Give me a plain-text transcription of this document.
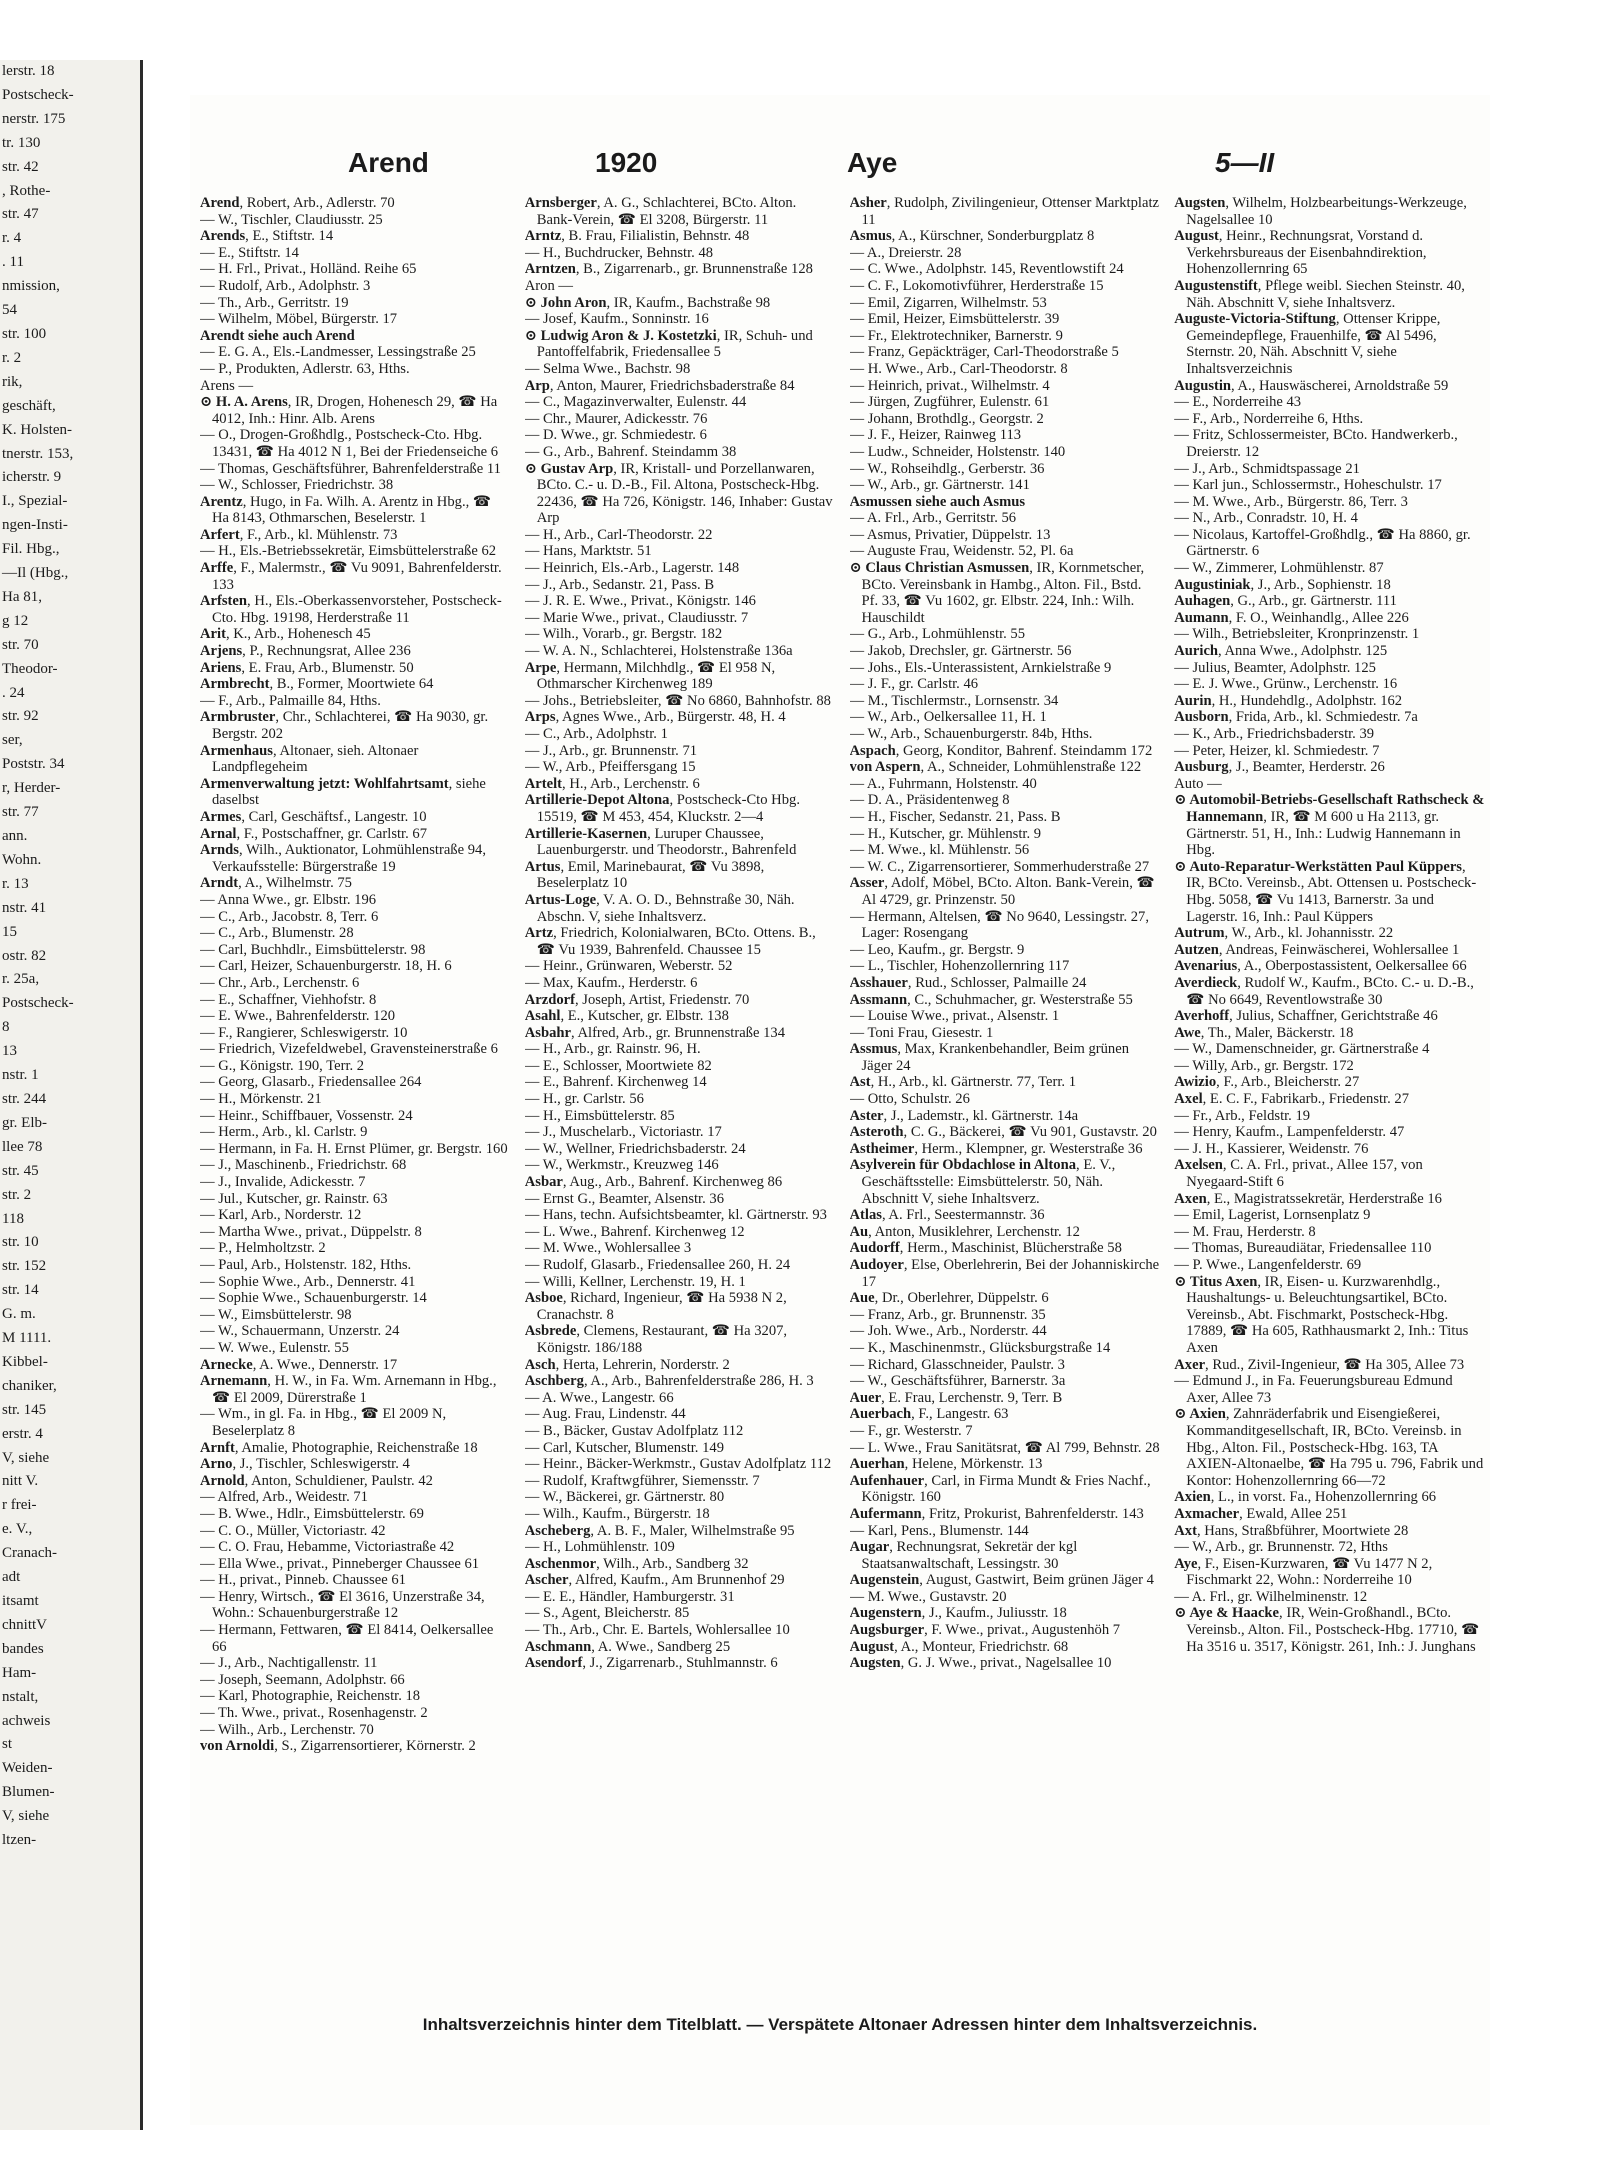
lerstr. 18
Postscheck-
nerstr. 175
tr. 130
str. 42
, Rothe-
str. 47
r. 4
. 11
nmission,
54
str. 100
r. 2
rik,
geschäft,
K. Holsten-
tnerstr. 153,
icherstr. 9
I., Spezial-
ngen-Insti-
Fil. Hbg.,
—Il (Hbg.,
Ha 81,
g 12
str. 70
Theodor-
. 24
str. 92
ser,
Poststr. 34
r, Herder-
str. 77
ann.
Wohn.
r. 13
nstr. 41
15
ostr. 82
r. 25a,
Postscheck-
8
13
nstr. 1
str. 244
gr. Elb-
llee 78
str. 45
str. 2
118
str. 10
str. 152
str. 14
G. m.
M 1111.
Kibbel-
chaniker,
str. 145
erstr. 4
V, siehe
nitt V.
r frei-
e. V.,
Cranach-
adt
itsamt
chnittV
bandes
Ham-
nstalt,
achweis
st
Weiden-
Blumen-
V, siehe
ltzen-
Arend	1920	Aye	5—II

Arend, Robert, Arb., Adlerstr. 70

— W., Tischler, Claudiusstr. 25

Arends, E., Stiftstr. 14

— E., Stiftstr. 14

— H. Frl., Privat., Holländ. Reihe 65

— Rudolf, Arb., Adolphstr. 3

— Th., Arb., Gerritstr. 19

— Wilhelm, Möbel, Bürgerstr. 17

Arendt siehe auch Arend

— E. G. A., Els.-Landmesser, Lessingstraße 25

— P., Produkten, Adlerstr. 63, Hths.

Arens —

⊙ H. A. Arens, IR, Drogen, Hohenesch 29, ☎ Ha 4012, Inh.: Hinr. Alb. Arens

— O., Drogen-Großhdlg., Postscheck-Cto. Hbg. 13431, ☎ Ha 4012 N 1, Bei der Friedenseiche 6

— Thomas, Geschäftsführer, Bahrenfelderstraße 11

— W., Schlosser, Friedrichstr. 38

Arentz, Hugo, in Fa. Wilh. A. Arentz in Hbg., ☎ Ha 8143, Othmarschen, Beselerstr. 1

Arfert, F., Arb., kl. Mühlenstr. 73

— H., Els.-Betriebssekretär, Eimsbüttelerstraße 62

Arffe, F., Malermstr., ☎ Vu 9091, Bahrenfelderstr. 133

Arfsten, H., Els.-Oberkassenvorsteher, Postscheck-Cto. Hbg. 19198, Herderstraße 11

Arit, K., Arb., Hohenesch 45

Arjens, P., Rechnungsrat, Allee 236

Ariens, E. Frau, Arb., Blumenstr. 50

Armbrecht, B., Former, Moortwiete 64

— F., Arb., Palmaille 84, Hths.

Armbruster, Chr., Schlachterei, ☎ Ha 9030, gr. Bergstr. 202

Armenhaus, Altonaer, sieh. Altonaer Landpflegeheim

Armenverwaltung jetzt: Wohlfahrtsamt, siehe daselbst

Armes, Carl, Geschäftsf., Langestr. 10

Arnal, F., Postschaffner, gr. Carlstr. 67

Arnds, Wilh., Auktionator, Lohmühlenstraße 94, Verkaufsstelle: Bürgerstraße 19

Arndt, A., Wilhelmstr. 75

— Anna Wwe., gr. Elbstr. 196

— C., Arb., Jacobstr. 8, Terr. 6

— C., Arb., Blumenstr. 28

— Carl, Buchhdlr., Eimsbüttelerstr. 98

— Carl, Heizer, Schauenburgerstr. 18, H. 6

— Chr., Arb., Lerchenstr. 6

— E., Schaffner, Viehhofstr. 8

— E. Wwe., Bahrenfelderstr. 120

— F., Rangierer, Schleswigerstr. 10

— Friedrich, Vizefeldwebel, Gravensteinerstraße 6

— G., Königstr. 190, Terr. 2

— Georg, Glasarb., Friedensallee 264

— H., Mörkenstr. 21

— Heinr., Schiffbauer, Vossenstr. 24

— Herm., Arb., kl. Carlstr. 9

— Hermann, in Fa. H. Ernst Plümer, gr. Bergstr. 160

— J., Maschinenb., Friedrichstr. 68

— J., Invalide, Adickesstr. 7

— Jul., Kutscher, gr. Rainstr. 63

— Karl, Arb., Norderstr. 12

— Martha Wwe., privat., Düppelstr. 8

— P., Helmholtzstr. 2

— Paul, Arb., Holstenstr. 182, Hths.

— Sophie Wwe., Arb., Dennerstr. 41

— Sophie Wwe., Schauenburgerstr. 14

— W., Eimsbüttelerstr. 98

— W., Schauermann, Unzerstr. 24

— W. Wwe., Eulenstr. 55

Arnecke, A. Wwe., Dennerstr. 17

Arnemann, H. W., in Fa. Wm. Arnemann in Hbg., ☎ El 2009, Dürerstraße 1

— Wm., in gl. Fa. in Hbg., ☎ El 2009 N, Beselerplatz 8

Arnft, Amalie, Photographie, Reichenstraße 18

Arno, J., Tischler, Schleswigerstr. 4

Arnold, Anton, Schuldiener, Paulstr. 42

— Alfred, Arb., Weidestr. 71

— B. Wwe., Hdlr., Eimsbüttelerstr. 69

— C. O., Müller, Victoriastr. 42

— C. O. Frau, Hebamme, Victoriastraße 42

— Ella Wwe., privat., Pinneberger Chaussee 61

— H., privat., Pinneb. Chaussee 61

— Henry, Wirtsch., ☎ El 3616, Unzerstraße 34, Wohn.: Schauenburgerstraße 12

— Hermann, Fettwaren, ☎ El 8414, Oelkersallee 66

— J., Arb., Nachtigallenstr. 11

— Joseph, Seemann, Adolphstr. 66

— Karl, Photographie, Reichenstr. 18

— Th. Wwe., privat., Rosenhagenstr. 2

— Wilh., Arb., Lerchenstr. 70

von Arnoldi, S., Zigarrensortierer, Körnerstr. 2

Arnsberger, A. G., Schlachterei, BCto. Alton. Bank-Verein, ☎ El 3208, Bürgerstr. 11

Arntz, B. Frau, Filialistin, Behnstr. 48

— H., Buchdrucker, Behnstr. 48

Arntzen, B., Zigarrenarb., gr. Brunnenstraße 128

Aron —

⊙ John Aron, IR, Kaufm., Bachstraße 98

— Josef, Kaufm., Sonninstr. 16

⊙ Ludwig Aron & J. Kostetzki, IR, Schuh- und Pantoffelfabrik, Friedensallee 5

— Selma Wwe., Bachstr. 98

Arp, Anton, Maurer, Friedrichsbaderstraße 84

— C., Magazinverwalter, Eulenstr. 44

— Chr., Maurer, Adickesstr. 76

— D. Wwe., gr. Schmiedestr. 6

— G., Arb., Bahrenf. Steindamm 38

⊙ Gustav Arp, IR, Kristall- und Porzellanwaren, BCto. C.- u. D.-B., Fil. Altona, Postscheck-Hbg. 22436, ☎ Ha 726, Königstr. 146, Inhaber: Gustav Arp

— H., Arb., Carl-Theodorstr. 22

— Hans, Marktstr. 51

— Heinrich, Els.-Arb., Lagerstr. 148

— J., Arb., Sedanstr. 21, Pass. B

— J. R. E. Wwe., Privat., Königstr. 146

— Marie Wwe., privat., Claudiusstr. 7

— Wilh., Vorarb., gr. Bergstr. 182

— W. A. N., Schlachterei, Holstenstraße 136a

Arpe, Hermann, Milchhdlg., ☎ El 958 N, Othmarscher Kirchenweg 189

— Johs., Betriebsleiter, ☎ No 6860, Bahnhofstr. 88

Arps, Agnes Wwe., Arb., Bürgerstr. 48, H. 4

— C., Arb., Adolphstr. 1

— J., Arb., gr. Brunnenstr. 71

— W., Arb., Pfeiffersgang 15

Artelt, H., Arb., Lerchenstr. 6

Artillerie-Depot Altona, Postscheck-Cto Hbg. 15519, ☎ M 453, 454, Kluckstr. 2—4

Artillerie-Kasernen, Luruper Chaussee, Lauenburgerstr. und Theodorstr., Bahrenfeld

Artus, Emil, Marinebaurat, ☎ Vu 3898, Beselerplatz 10

Artus-Loge, V. A. O. D., Behnstraße 30, Näh. Abschn. V, siehe Inhaltsverz.

Artz, Friedrich, Kolonialwaren, BCto. Ottens. B., ☎ Vu 1939, Bahrenfeld. Chaussee 15

— Heinr., Grünwaren, Weberstr. 52

— Max, Kaufm., Herderstr. 6

Arzdorf, Joseph, Artist, Friedenstr. 70

Asahl, E., Kutscher, gr. Elbstr. 138

Asbahr, Alfred, Arb., gr. Brunnenstraße 134

— H., Arb., gr. Rainstr. 96, H.

— E., Schlosser, Moortwiete 82

— E., Bahrenf. Kirchenweg 14

— H., gr. Carlstr. 56

— H., Eimsbüttelerstr. 85

— J., Muschelarb., Victoriastr. 17

— W., Wellner, Friedrichsbaderstr. 24

— W., Werkmstr., Kreuzweg 146

Asbar, Aug., Arb., Bahrenf. Kirchenweg 86

— Ernst G., Beamter, Alsenstr. 36

— Hans, techn. Aufsichtsbeamter, kl. Gärtnerstr. 93

— L. Wwe., Bahrenf. Kirchenweg 12

— M. Wwe., Wohlersallee 3

— Rudolf, Glasarb., Friedensallee 260, H. 24

— Willi, Kellner, Lerchenstr. 19, H. 1

Asboe, Richard, Ingenieur, ☎ Ha 5938 N 2, Cranachstr. 8

Asbrede, Clemens, Restaurant, ☎ Ha 3207, Königstr. 186/188

Asch, Herta, Lehrerin, Norderstr. 2

Aschberg, A., Arb., Bahrenfelderstraße 286, H. 3

— A. Wwe., Langestr. 66

— Aug. Frau, Lindenstr. 44

— B., Bäcker, Gustav Adolfplatz 112

— Carl, Kutscher, Blumenstr. 149

— Heinr., Bäcker-Werkmstr., Gustav Adolfplatz 112

— Rudolf, Kraftwgführer, Siemensstr. 7

— W., Bäckerei, gr. Gärtnerstr. 80

— Wilh., Kaufm., Bürgerstr. 18

Ascheberg, A. B. F., Maler, Wilhelmstraße 95

— H., Lohmühlenstr. 109

Aschenmor, Wilh., Arb., Sandberg 32

Ascher, Alfred, Kaufm., Am Brunnenhof 29

— E. E., Händler, Hamburgerstr. 31

— S., Agent, Bleicherstr. 85

— Th., Arb., Chr. E. Bartels, Wohlersallee 10

Aschmann, A. Wwe., Sandberg 25

Asendorf, J., Zigarrenarb., Stuhlmannstr. 6

Asher, Rudolph, Zivilingenieur, Ottenser Marktplatz 11

Asmus, A., Kürschner, Sonderburgplatz 8

— A., Dreierstr. 28

— C. Wwe., Adolphstr. 145, Reventlowstift 24

— C. F., Lokomotivführer, Herderstraße 15

— Emil, Zigarren, Wilhelmstr. 53

— Emil, Heizer, Eimsbüttelerstr. 39

— Fr., Elektrotechniker, Barnerstr. 9

— Franz, Gepäckträger, Carl-Theodorstraße 5

— H. Wwe., Arb., Carl-Theodorstr. 8

— Heinrich, privat., Wilhelmstr. 4

— Jürgen, Zugführer, Eulenstr. 61

— Johann, Brothdlg., Georgstr. 2

— J. F., Heizer, Rainweg 113

— Ludw., Schneider, Holstenstr. 140

— W., Rohseihdlg., Gerberstr. 36

— W., Arb., gr. Gärtnerstr. 141

Asmussen siehe auch Asmus

— A. Frl., Arb., Gerritstr. 56

— Asmus, Privatier, Düppelstr. 13

— Auguste Frau, Weidenstr. 52, Pl. 6a

⊙ Claus Christian Asmussen, IR, Kornmetscher, BCto. Vereinsbank in Hambg., Alton. Fil., Bstd. Pf. 33, ☎ Vu 1602, gr. Elbstr. 224, Inh.: Wilh. Hauschildt

— G., Arb., Lohmühlenstr. 55

— Jakob, Drechsler, gr. Gärtnerstr. 56

— Johs., Els.-Unterassistent, Arnkielstraße 9

— J. F., gr. Carlstr. 46

— M., Tischlermstr., Lornsenstr. 34

— W., Arb., Oelkersallee 11, H. 1

— W., Arb., Schauenburgerstr. 84b, Hths.

Aspach, Georg, Konditor, Bahrenf. Steindamm 172

von Aspern, A., Schneider, Lohmühlenstraße 122

— A., Fuhrmann, Holstenstr. 40

— D. A., Präsidentenweg 8

— H., Fischer, Sedanstr. 21, Pass. B

— H., Kutscher, gr. Mühlenstr. 9

— M. Wwe., kl. Mühlenstr. 56

— W. C., Zigarrensortierer, Sommerhuderstraße 27

Asser, Adolf, Möbel, BCto. Alton. Bank-Verein, ☎ Al 4729, gr. Prinzenstr. 50

— Hermann, Altelsen, ☎ No 9640, Lessingstr. 27, Lager: Rosengang

— Leo, Kaufm., gr. Bergstr. 9

— L., Tischler, Hohenzollernring 117

Asshauer, Rud., Schlosser, Palmaille 24

Assmann, C., Schuhmacher, gr. Westerstraße 55

— Louise Wwe., privat., Alsenstr. 1

— Toni Frau, Giesestr. 1

Assmus, Max, Krankenbehandler, Beim grünen Jäger 24

Ast, H., Arb., kl. Gärtnerstr. 77, Terr. 1

— Otto, Schulstr. 26

Aster, J., Lademstr., kl. Gärtnerstr. 14a

Asteroth, C. G., Bäckerei, ☎ Vu 901, Gustavstr. 20

Astheimer, Herm., Klempner, gr. Westerstraße 36

Asylverein für Obdachlose in Altona, E. V., Geschäftsstelle: Eimsbüttelerstr. 50, Näh. Abschnitt V, siehe Inhaltsverz.

Atlas, A. Frl., Seestermannstr. 36

Au, Anton, Musiklehrer, Lerchenstr. 12

Audorff, Herm., Maschinist, Blücherstraße 58

Audoyer, Else, Oberlehrerin, Bei der Johanniskirche 17

Aue, Dr., Oberlehrer, Düppelstr. 6

— Franz, Arb., gr. Brunnenstr. 35

— Joh. Wwe., Arb., Norderstr. 44

— K., Maschinenmstr., Glücksburgstraße 14

— Richard, Glasschneider, Paulstr. 3

— W., Geschäftsführer, Barnerstr. 3a

Auer, E. Frau, Lerchenstr. 9, Terr. B

Auerbach, F., Langestr. 63

— F., gr. Westerstr. 7

— L. Wwe., Frau Sanitätsrat, ☎ Al 799, Behnstr. 28

Auerhan, Helene, Mörkenstr. 13

Aufenhauer, Carl, in Firma Mundt & Fries Nachf., Königstr. 160

Aufermann, Fritz, Prokurist, Bahrenfelderstr. 143

— Karl, Pens., Blumenstr. 144

Augar, Rechnungsrat, Sekretär der kgl Staatsanwaltschaft, Lessingstr. 30

Augenstein, August, Gastwirt, Beim grünen Jäger 4

— M. Wwe., Gustavstr. 20

Augenstern, J., Kaufm., Juliusstr. 18

Augsburger, F. Wwe., privat., Augustenhöh 7

August, A., Monteur, Friedrichstr. 68

Augsten, G. J. Wwe., privat., Nagelsallee 10

Augsten, Wilhelm, Holzbearbeitungs-Werkzeuge, Nagelsallee 10

August, Heinr., Rechnungsrat, Vorstand d. Verkehrsbureaus der Eisenbahndirektion, Hohenzollernring 65

Augustenstift, Pflege weibl. Siechen Steinstr. 40, Näh. Abschnitt V, siehe Inhaltsverz.

Auguste-Victoria-Stiftung, Ottenser Krippe, Gemeindepflege, Frauenhilfe, ☎ Al 5496, Sternstr. 20, Näh. Abschnitt V, siehe Inhaltsverzeichnis

Augustin, A., Hauswäscherei, Arnoldstraße 59

— E., Norderreihe 43

— F., Arb., Norderreihe 6, Hths.

— Fritz, Schlossermeister, BCto. Handwerkerb., Dreierstr. 12

— J., Arb., Schmidtspassage 21

— Karl jun., Schlossermstr., Hoheschulstr. 17

— M. Wwe., Arb., Bürgerstr. 86, Terr. 3

— N., Arb., Conradstr. 10, H. 4

— Nicolaus, Kartoffel-Großhdlg., ☎ Ha 8860, gr. Gärtnerstr. 6

— W., Zimmerer, Lohmühlenstr. 87

Augustiniak, J., Arb., Sophienstr. 18

Auhagen, G., Arb., gr. Gärtnerstr. 111

Aumann, F. O., Weinhandlg., Allee 226

— Wilh., Betriebsleiter, Kronprinzenstr. 1

Aurich, Anna Wwe., Adolphstr. 125

— Julius, Beamter, Adolphstr. 125

— E. J. Wwe., Grünw., Lerchenstr. 16

Aurin, H., Hundehdlg., Adolphstr. 162

Ausborn, Frida, Arb., kl. Schmiedestr. 7a

— K., Arb., Friedrichsbaderstr. 39

— Peter, Heizer, kl. Schmiedestr. 7

Ausburg, J., Beamter, Herderstr. 26

Auto —

⊙ Automobil-Betriebs-Gesellschaft Rathscheck & Hannemann, IR, ☎ M 600 u Ha 2113, gr. Gärtnerstr. 51, H., Inh.: Ludwig Hannemann in Hbg.

⊙ Auto-Reparatur-Werkstätten Paul Küppers, IR, BCto. Vereinsb., Abt. Ottensen u. Postscheck-Hbg. 5058, ☎ Vu 1413, Barnerstr. 3a und Lagerstr. 16, Inh.: Paul Küppers

Autrum, W., Arb., kl. Johannisstr. 22

Autzen, Andreas, Feinwäscherei, Wohlersallee 1

Avenarius, A., Oberpostassistent, Oelkersallee 66

Averdieck, Rudolf W., Kaufm., BCto. C.- u. D.-B., ☎ No 6649, Reventlowstraße 30

Averhoff, Julius, Schaffner, Gerichtstraße 46

Awe, Th., Maler, Bäckerstr. 18

— W., Damenschneider, gr. Gärtnerstraße 4

— Willy, Arb., gr. Bergstr. 172

Awizio, F., Arb., Bleicherstr. 27

Axel, E. C. F., Fabrikarb., Friedenstr. 27

— Fr., Arb., Feldstr. 19

— Henry, Kaufm., Lampenfelderstr. 47

— J. H., Kassierer, Weidenstr. 76

Axelsen, C. A. Frl., privat., Allee 157, von Nyegaard-Stift 6

Axen, E., Magistratssekretär, Herderstraße 16

— Emil, Lagerist, Lornsenplatz 9

— M. Frau, Herderstr. 8

— Thomas, Bureaudiätar, Friedensallee 110

— P. Wwe., Langenfelderstr. 69

⊙ Titus Axen, IR, Eisen- u. Kurzwarenhdlg., Haushaltungs- u. Beleuchtungsartikel, BCto. Vereinsb., Abt. Fischmarkt, Postscheck-Hbg. 17889, ☎ Ha 605, Rathhausmarkt 2, Inh.: Titus Axen

Axer, Rud., Zivil-Ingenieur, ☎ Ha 305, Allee 73

— Edmund J., in Fa. Feuerungsbureau Edmund Axer, Allee 73

⊙ Axien, Zahnräderfabrik und Eisengießerei, Kommanditgesellschaft, IR, BCto. Vereinsb. in Hbg., Alton. Fil., Postscheck-Hbg. 163, TA AXIEN-Altonaelbe, ☎ Ha 795 u. 796, Fabrik und Kontor: Hohenzollernring 66—72

Axien, L., in vorst. Fa., Hohenzollernring 66

Axmacher, Ewald, Allee 251

Axt, Hans, Straßbführer, Moortwiete 28

— W., Arb., gr. Brunnenstr. 72, Hths

Aye, F., Eisen-Kurzwaren, ☎ Vu 1477 N 2, Fischmarkt 22, Wohn.: Norderreihe 10

— A. Frl., gr. Wilhelminenstr. 12

⊙ Aye & Haacke, IR, Wein-Großhandl., BCto. Vereinsb., Alton. Fil., Postscheck-Hbg. 17710, ☎ Ha 3516 u. 3517, Königstr. 261, Inh.: J. Junghans

Inhaltsverzeichnis hinter dem Titelblatt. — Verspätete Altonaer Adressen hinter dem Inhaltsverzeichnis.
